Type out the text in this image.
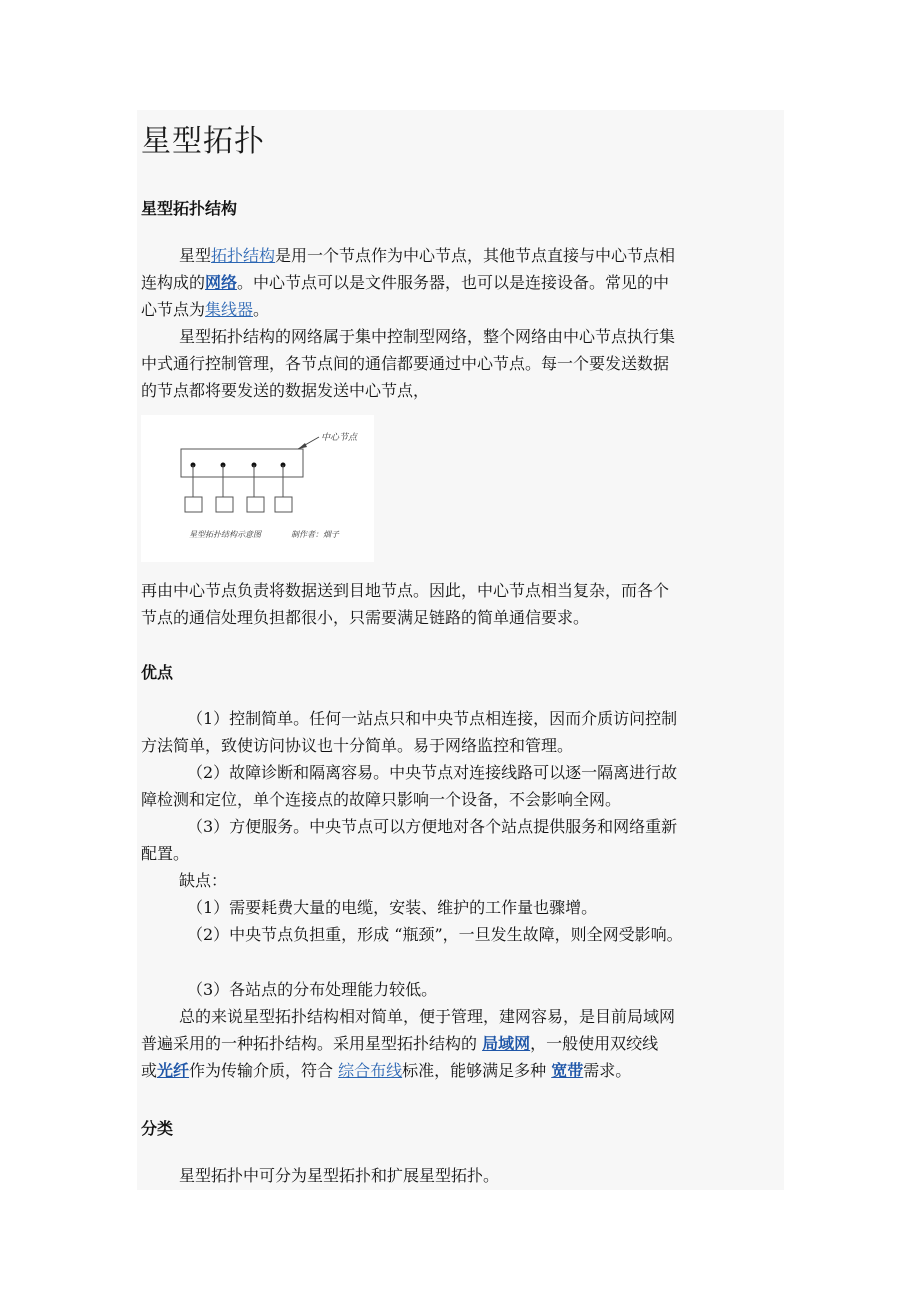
星型拓扑
星型拓扑结构
星型拓扑结构是用一个节点作为中心节点，其他节点直接与中心节点相
连构成的网络。中心节点可以是文件服务器，也可以是连接设备。常见的中
心节点为集线器。
星型拓扑结构的网络属于集中控制型网络，整个网络由中心节点执行集
中式通行控制管理，各节点间的通信都要通过中心节点。每一个要发送数据
的节点都将要发送的数据发送中心节点，
中心节点
星型拓扑结构示意图	制作者：烟子
再由中心节点负责将数据送到目地节点。因此，中心节点相当复杂，而各个
节点的通信处理负担都很小，只需要满足链路的简单通信要求。
优点
（1）控制简单。任何一站点只和中央节点相连接，因而介质访问控制
方法简单，致使访问协议也十分简单。易于网络监控和管理。
（2）故障诊断和隔离容易。中央节点对连接线路可以逐一隔离进行故
障检测和定位，单个连接点的故障只影响一个设备，不会影响全网。
（3）方便服务。中央节点可以方便地对各个站点提供服务和网络重新
配置。
缺点：
（1）需要耗费大量的电缆，安装、维护的工作量也骤增。
（2）中央节点负担重，形成 “瓶颈”，一旦发生故障，则全网受影响。
（3）各站点的分布处理能力较低。
总的来说星型拓扑结构相对简单，便于管理，建网容易，是目前局域网
普遍采用的一种拓扑结构。采用星型拓扑结构的 局域网，一般使用双绞线
或光纤作为传输介质，符合 综合布线标准，能够满足多种 宽带需求。
分类
星型拓扑中可分为星型拓扑和扩展星型拓扑。
